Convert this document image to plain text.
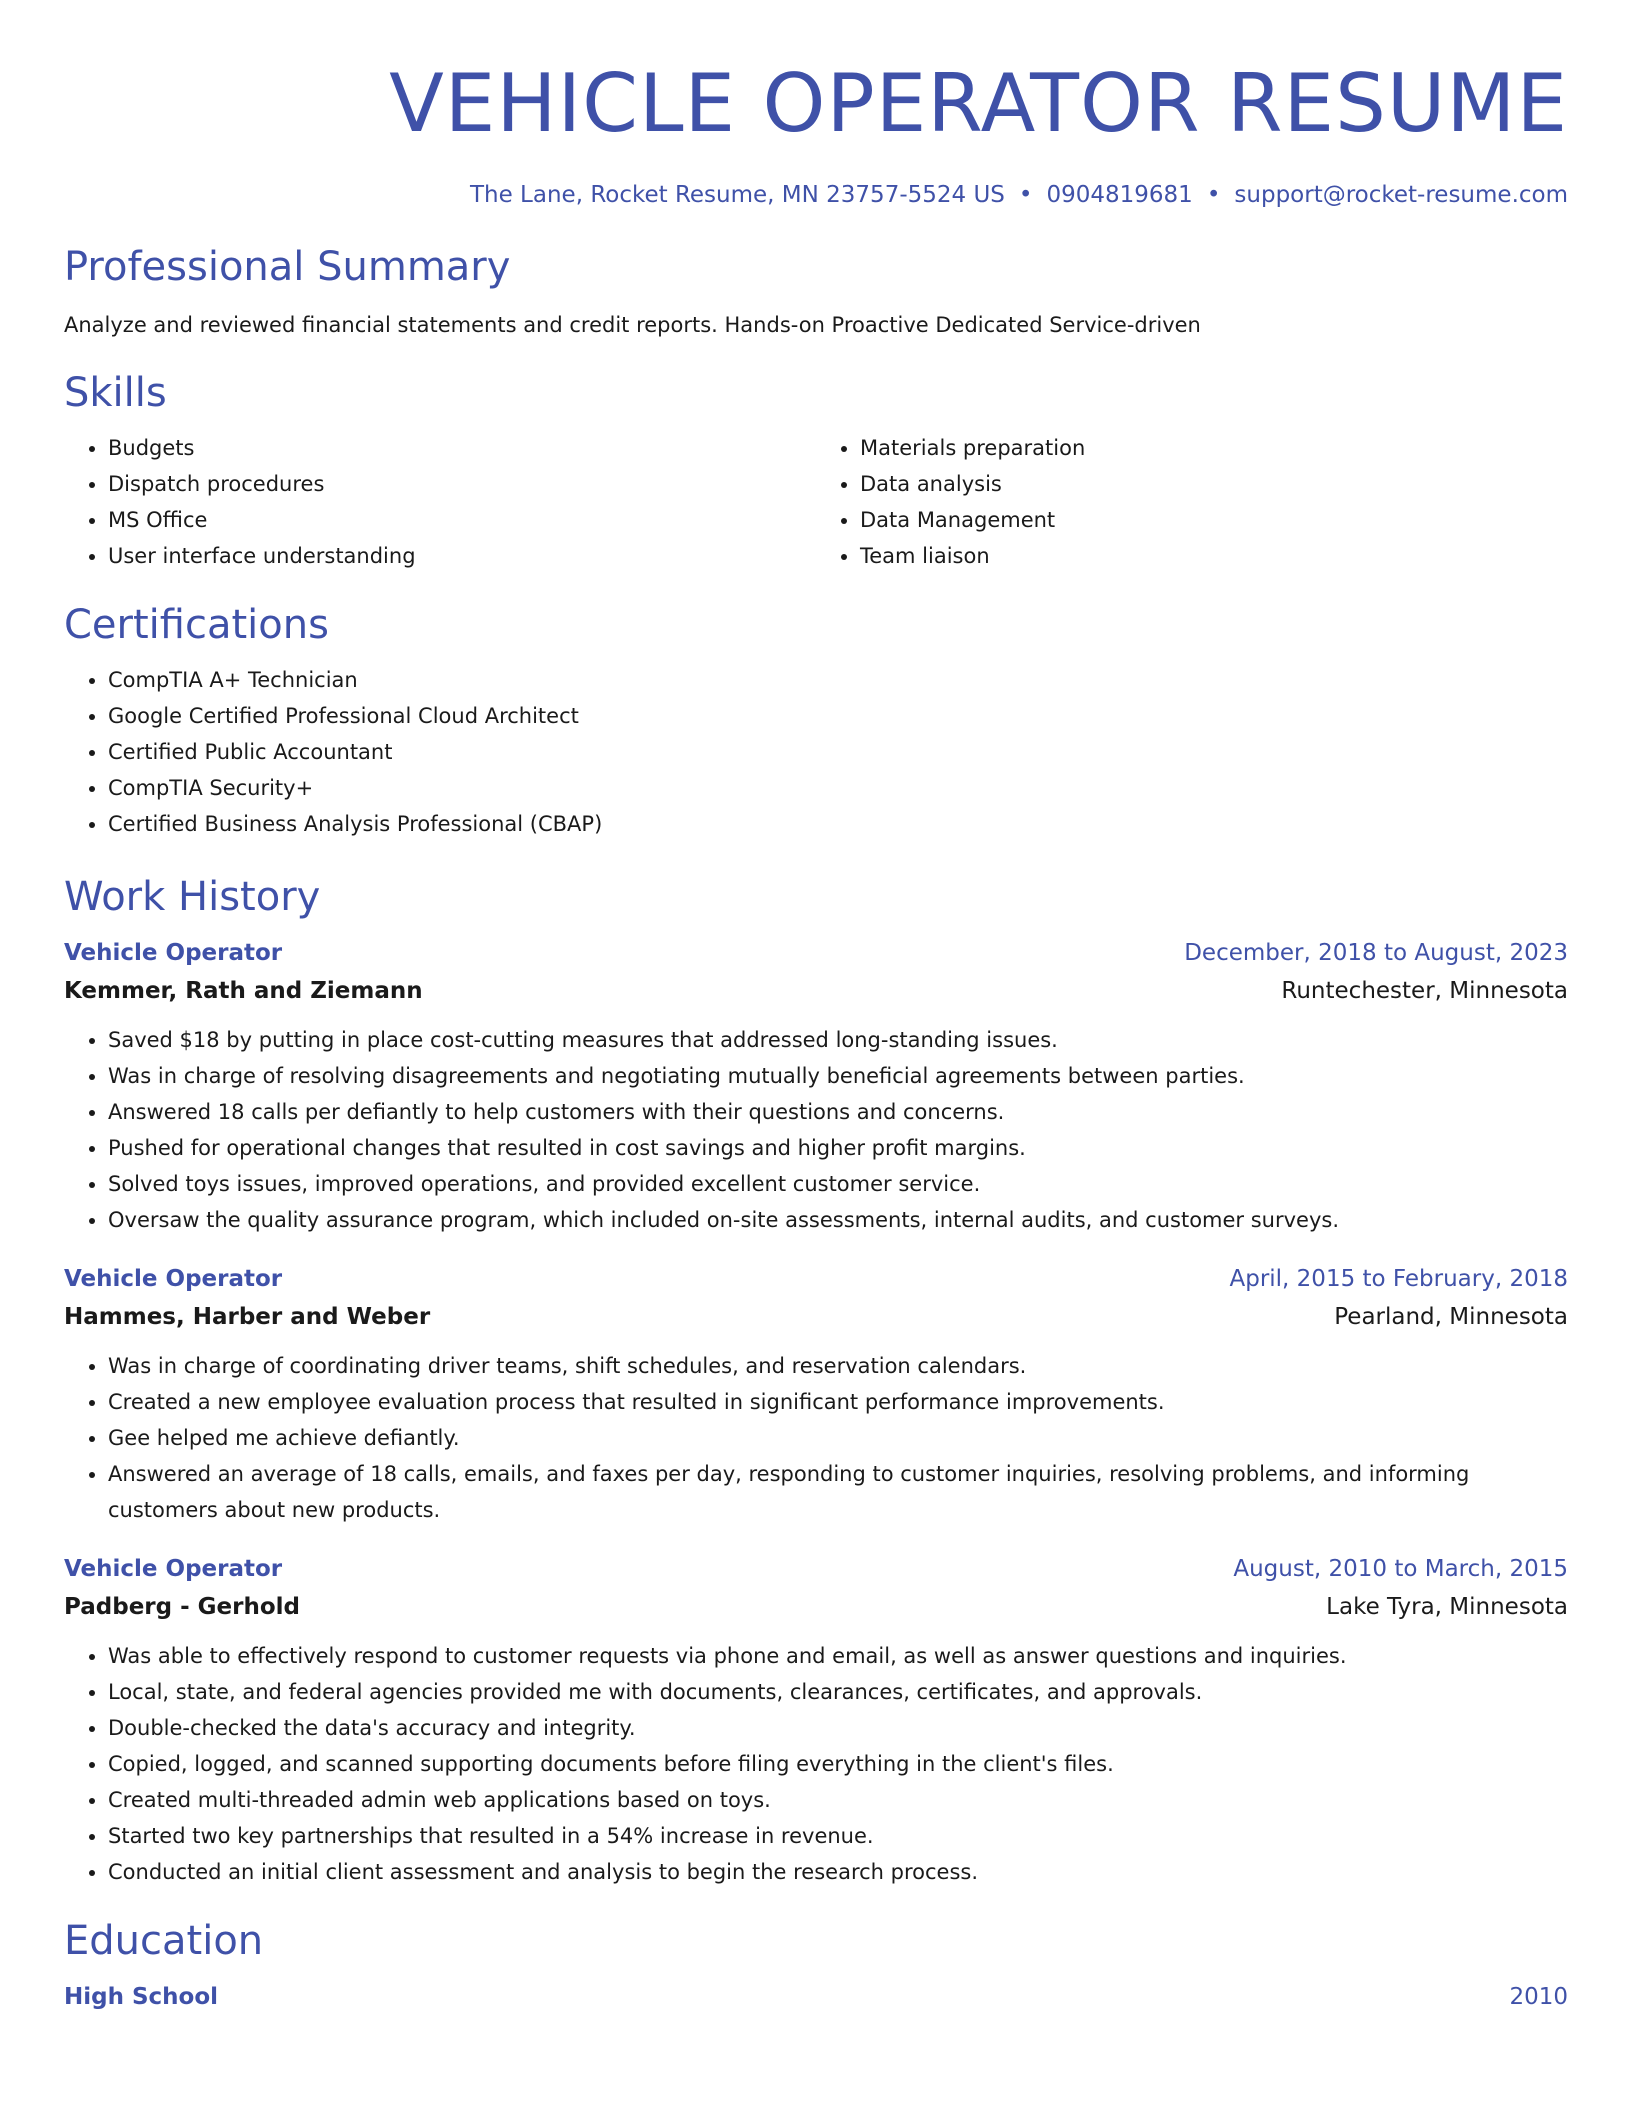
VEHICLE OPERATOR RESUME
The Lane, Rocket Resume, MN 23757-5524 US • 0904819681 • support@rocket-resume.com
Professional Summary
Analyze and reviewed financial statements and credit reports. Hands-on Proactive Dedicated Service-driven
Skills
• Budgets
• Dispatch procedures
• MS Office
• User interface understanding
• Materials preparation
• Data analysis
• Data Management
• Team liaison
Certifications
• CompTIA A+ Technician
• Google Certified Professional Cloud Architect
• Certified Public Accountant
• CompTIA Security+
• Certified Business Analysis Professional (CBAP)
Work History
Vehicle Operator	December, 2018 to August, 2023
Kemmer, Rath and Ziemann	Runtechester, Minnesota
• Saved $18 by putting in place cost-cutting measures that addressed long-standing issues.
• Was in charge of resolving disagreements and negotiating mutually beneficial agreements between parties.
• Answered 18 calls per defiantly to help customers with their questions and concerns.
• Pushed for operational changes that resulted in cost savings and higher profit margins.
• Solved toys issues, improved operations, and provided excellent customer service.
• Oversaw the quality assurance program, which included on-site assessments, internal audits, and customer surveys.
Vehicle Operator	April, 2015 to February, 2018
Hammes, Harber and Weber	Pearland, Minnesota
• Was in charge of coordinating driver teams, shift schedules, and reservation calendars.
• Created a new employee evaluation process that resulted in significant performance improvements.
• Gee helped me achieve defiantly.
• Answered an average of 18 calls, emails, and faxes per day, responding to customer inquiries, resolving problems, and informing customers about new products.
Vehicle Operator	August, 2010 to March, 2015
Padberg - Gerhold	Lake Tyra, Minnesota
• Was able to effectively respond to customer requests via phone and email, as well as answer questions and inquiries.
• Local, state, and federal agencies provided me with documents, clearances, certificates, and approvals.
• Double-checked the data's accuracy and integrity.
• Copied, logged, and scanned supporting documents before filing everything in the client's files.
• Created multi-threaded admin web applications based on toys.
• Started two key partnerships that resulted in a 54% increase in revenue.
• Conducted an initial client assessment and analysis to begin the research process.
Education
High School	2010
